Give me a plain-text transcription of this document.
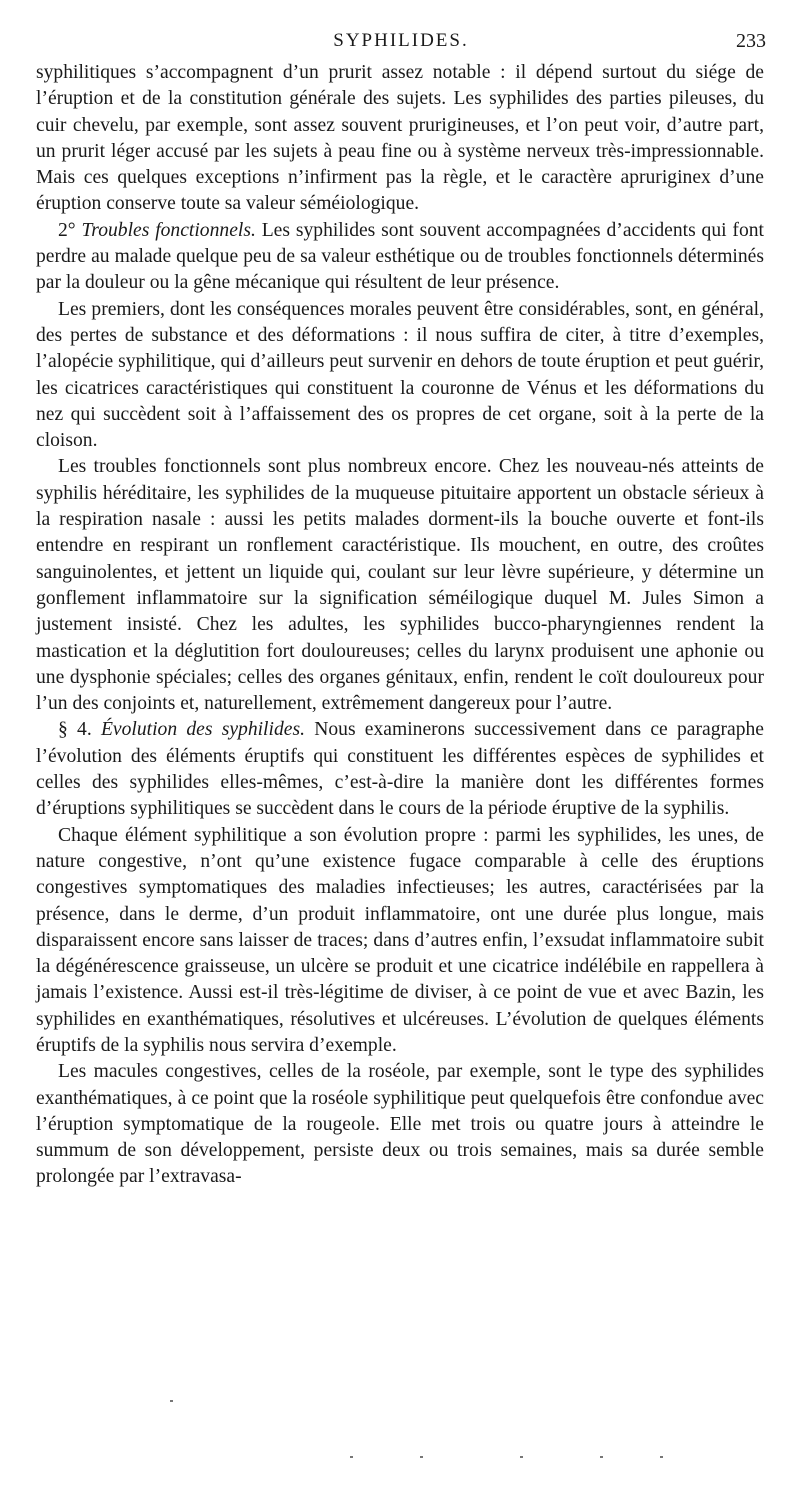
SYPHILIDES.	233

syphilitiques s’accompagnent d’un prurit assez notable : il dépend surtout du siége de l’éruption et de la constitution générale des sujets. Les syphilides des parties pileuses, du cuir chevelu, par exemple, sont assez souvent prurigineuses, et l’on peut voir, d’autre part, un prurit léger accusé par les sujets à peau fine ou à système nerveux très-impressionnable. Mais ces quelques exceptions n’infirment pas la règle, et le caractère apruriginex d’une éruption conserve toute sa valeur séméiologique.

2° Troubles fonctionnels. Les syphilides sont souvent accompagnées d’accidents qui font perdre au malade quelque peu de sa valeur esthétique ou de troubles fonctionnels déterminés par la douleur ou la gêne mécanique qui résultent de leur présence.

Les premiers, dont les conséquences morales peuvent être considérables, sont, en général, des pertes de substance et des déformations : il nous suffira de citer, à titre d’exemples, l’alopécie syphilitique, qui d’ailleurs peut survenir en dehors de toute éruption et peut guérir, les cicatrices caractéristiques qui constituent la couronne de Vénus et les déformations du nez qui succèdent soit à l’affaissement des os propres de cet organe, soit à la perte de la cloison.

Les troubles fonctionnels sont plus nombreux encore. Chez les nouveau-nés atteints de syphilis héréditaire, les syphilides de la muqueuse pituitaire apportent un obstacle sérieux à la respiration nasale : aussi les petits malades dorment-ils la bouche ouverte et font-ils entendre en respirant un ronflement caractéristique. Ils mouchent, en outre, des croûtes sanguinolentes, et jettent un liquide qui, coulant sur leur lèvre supérieure, y détermine un gonflement inflammatoire sur la signification séméilogique duquel M. Jules Simon a justement insisté. Chez les adultes, les syphilides bucco-pharyngiennes rendent la mastication et la déglutition fort douloureuses; celles du larynx produisent une aphonie ou une dysphonie spéciales; celles des organes génitaux, enfin, rendent le coït douloureux pour l’un des conjoints et, naturellement, extrêmement dangereux pour l’autre.

§ 4. Évolution des syphilides. Nous examinerons successivement dans ce paragraphe l’évolution des éléments éruptifs qui constituent les différentes espèces de syphilides et celles des syphilides elles-mêmes, c’est-à-dire la manière dont les différentes formes d’éruptions syphilitiques se succèdent dans le cours de la période éruptive de la syphilis.

Chaque élément syphilitique a son évolution propre : parmi les syphilides, les unes, de nature congestive, n’ont qu’une existence fugace comparable à celle des éruptions congestives symptomatiques des maladies infectieuses; les autres, caractérisées par la présence, dans le derme, d’un produit inflammatoire, ont une durée plus longue, mais disparaissent encore sans laisser de traces; dans d’autres enfin, l’exsudat inflammatoire subit la dégénérescence graisseuse, un ulcère se produit et une cicatrice indélébile en rappellera à jamais l’existence. Aussi est-il très-légitime de diviser, à ce point de vue et avec Bazin, les syphilides en exanthématiques, résolutives et ulcéreuses. L’évolution de quelques éléments éruptifs de la syphilis nous servira d’exemple.

Les macules congestives, celles de la roséole, par exemple, sont le type des syphilides exanthématiques, à ce point que la roséole syphilitique peut quelquefois être confondue avec l’éruption symptomatique de la rougeole. Elle met trois ou quatre jours à atteindre le summum de son développement, persiste deux ou trois semaines, mais sa durée semble prolongée par l’extravasa-
